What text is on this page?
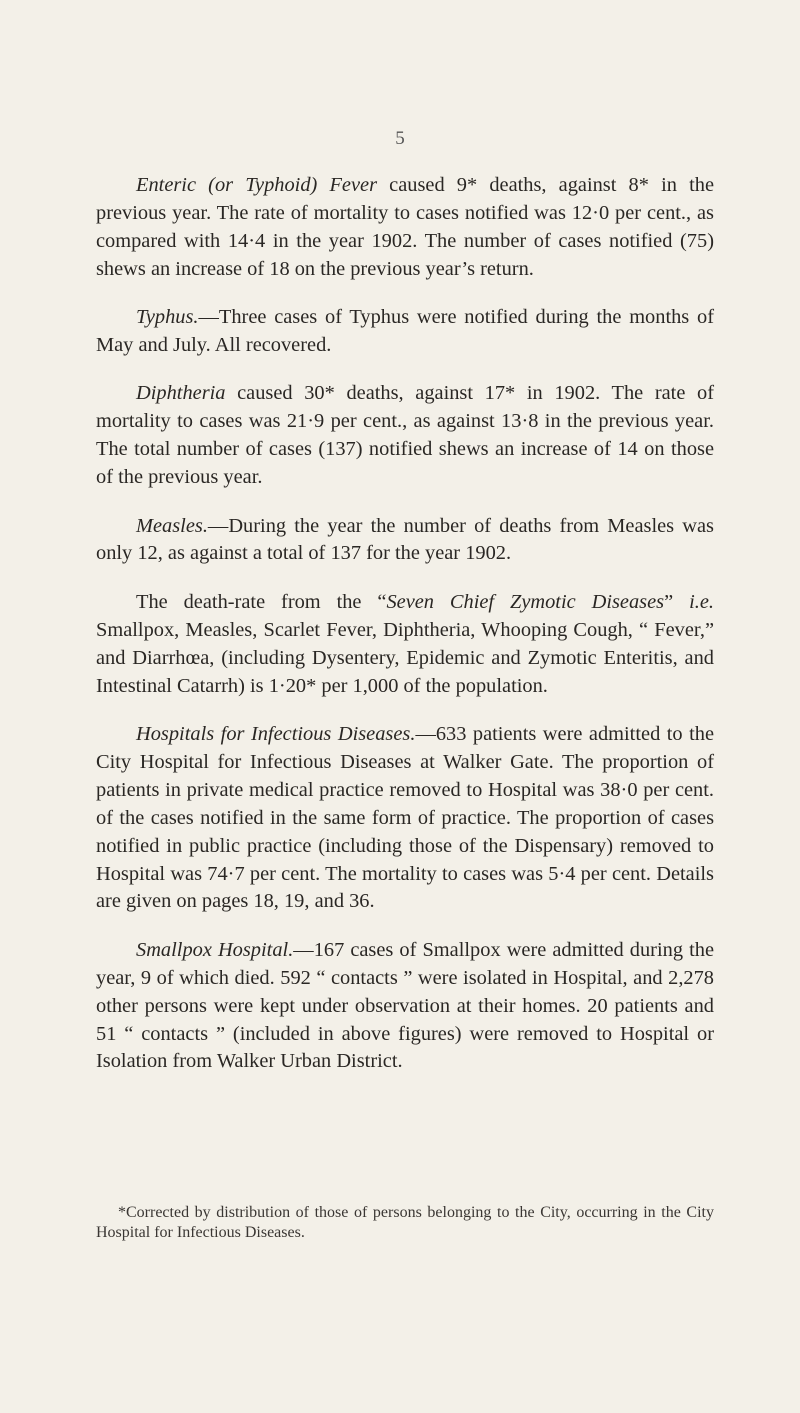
5

Enteric (or Typhoid) Fever caused 9* deaths, against 8* in the previous year. The rate of mortality to cases notified was 12·0 per cent., as compared with 14·4 in the year 1902. The number of cases notified (75) shews an increase of 18 on the previous year’s return.

Typhus.—Three cases of Typhus were notified during the months of May and July. All recovered.

Diphtheria caused 30* deaths, against 17* in 1902. The rate of mortality to cases was 21·9 per cent., as against 13·8 in the previous year. The total number of cases (137) notified shews an increase of 14 on those of the previous year.

Measles.—During the year the number of deaths from Measles was only 12, as against a total of 137 for the year 1902.

The death-rate from the “Seven Chief Zymotic Diseases” i.e. Smallpox, Measles, Scarlet Fever, Diphtheria, Whooping Cough, “ Fever,” and Diarrhœa, (including Dysentery, Epidemic and Zymotic Enteritis, and Intestinal Catarrh) is 1·20* per 1,000 of the population.

Hospitals for Infectious Diseases.—633 patients were admitted to the City Hospital for Infectious Diseases at Walker Gate. The proportion of patients in private medical practice removed to Hospital was 38·0 per cent. of the cases notified in the same form of practice. The proportion of cases notified in public practice (including those of the Dispensary) removed to Hospital was 74·7 per cent. The mortality to cases was 5·4 per cent. Details are given on pages 18, 19, and 36.

Smallpox Hospital.—167 cases of Smallpox were admitted during the year, 9 of which died. 592 “ contacts ” were isolated in Hospital, and 2,278 other persons were kept under observation at their homes. 20 patients and 51 “ contacts ” (included in above figures) were removed to Hospital or Isolation from Walker Urban District.

*Corrected by distribution of those of persons belonging to the City, occurring in the City Hospital for Infectious Diseases.
